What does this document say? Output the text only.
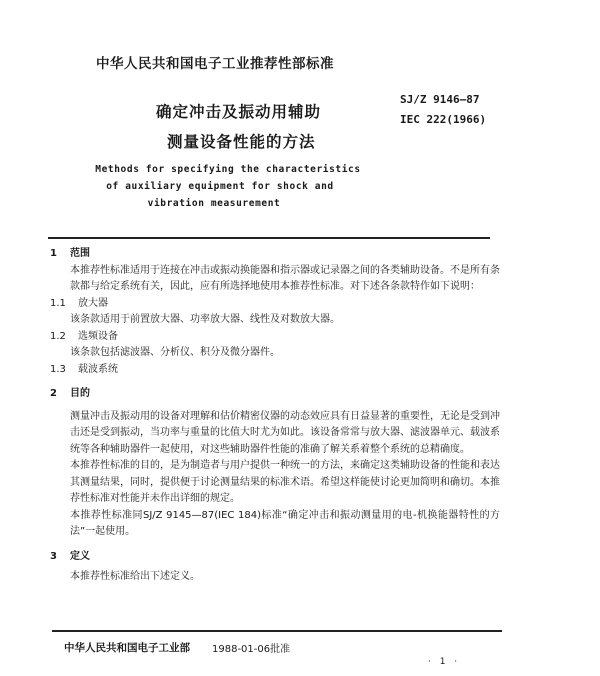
中华人民共和国电子工业推荐性部标准
确定冲击及振动用辅助
测量设备性能的方法
SJ/Z 9146—87
IEC 222(1966)
Methods for specifying the characteristics
of auxiliary equipment for shock and
vibration measurement
1 范围

本推荐性标准适用于连接在冲击或振动换能器和指示器或记录器之间的各类辅助设备。不是所有条款都与给定系统有关，因此，应有所选择地使用本推荐性标准。对下述各条款特作如下说明：

1.1 放大器

该条款适用于前置放大器、功率放大器、线性及对数放大器。

1.2 选频设备

该条款包括滤波器、分析仪、积分及微分器件。

1.3 载波系统
2 目的

测量冲击及振动用的设备对理解和估价精密仪器的动态效应具有日益显著的重要性，无论是受到冲击还是受到振动，当功率与重量的比值大时尤为如此。该设备常常与放大器、滤波器单元、载波系统等各种辅助器件一起使用，对这些辅助器件性能的准确了解关系着整个系统的总精确度。

本推荐性标准的目的，是为制造者与用户提供一种统一的方法，来确定这类辅助设备的性能和表达其测量结果，同时，提供便于讨论测量结果的标准术语。希望这样能使讨论更加简明和确切。本推荐性标准对性能并未作出详细的规定。

本推荐性标准同SJ/Z 9145—87(IEC 184)标准“确定冲击和振动测量用的电-机换能器特性的方法”一起使用。

3 定义

本推荐性标准给出下述定义。

中华人民共和国电子工业部 1988-01-06批准
· 1 ·
